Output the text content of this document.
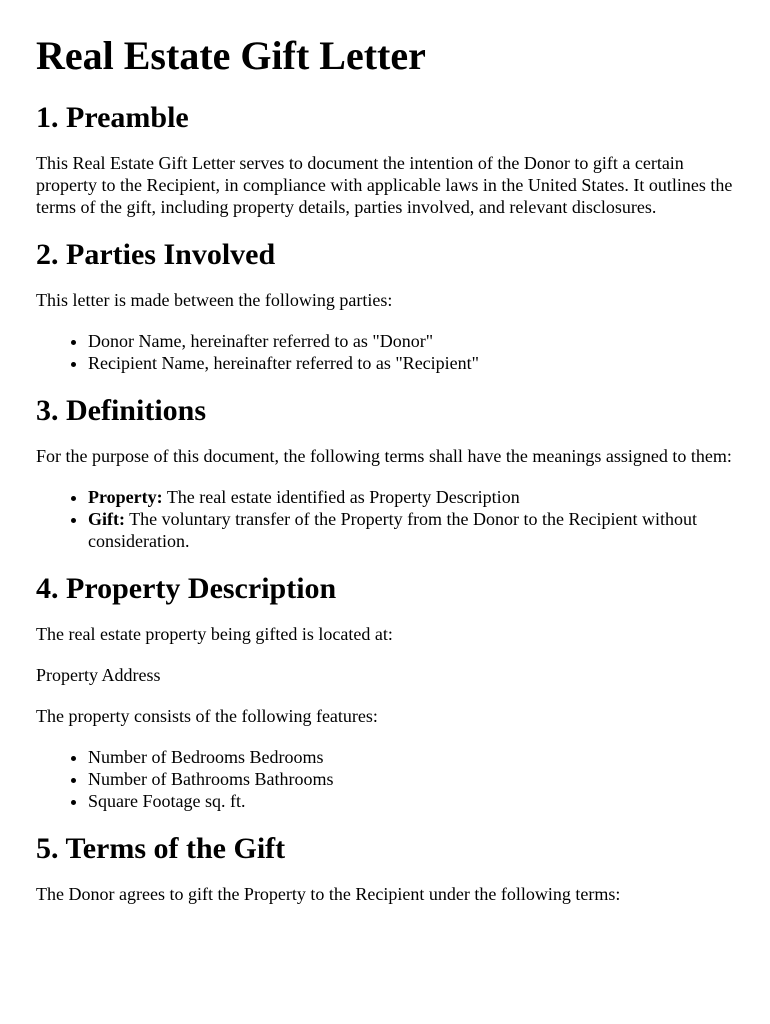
Real Estate Gift Letter
1. Preamble

This Real Estate Gift Letter serves to document the intention of the Donor to gift a certain property to the Recipient, in compliance with applicable laws in the United States. It outlines the terms of the gift, including property details, parties involved, and relevant disclosures.

2. Parties Involved

This letter is made between the following parties:

• Donor Name, hereinafter referred to as "Donor"
• Recipient Name, hereinafter referred to as "Recipient"
3. Definitions

For the purpose of this document, the following terms shall have the meanings assigned to them:

• Property: The real estate identified as Property Description
• Gift: The voluntary transfer of the Property from the Donor to the Recipient without consideration.
4. Property Description

The real estate property being gifted is located at:

Property Address

The property consists of the following features:

• Number of Bedrooms Bedrooms
• Number of Bathrooms Bathrooms
• Square Footage sq. ft.
5. Terms of the Gift

The Donor agrees to gift the Property to the Recipient under the following terms:
